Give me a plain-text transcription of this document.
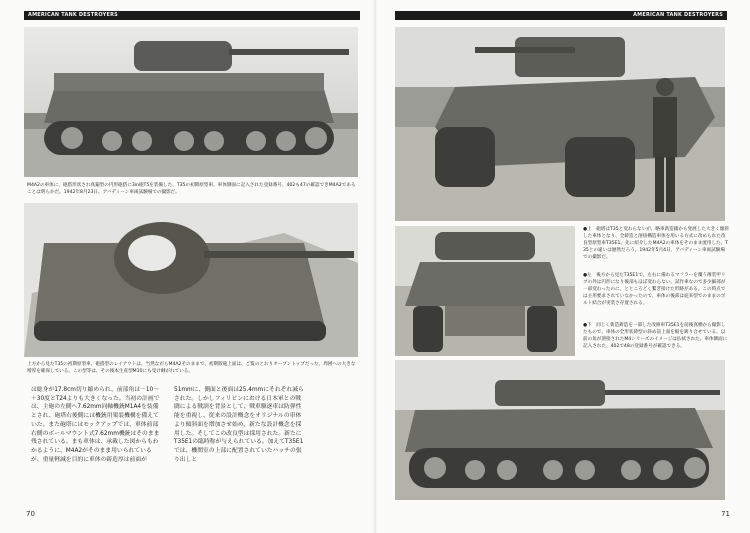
AMERICAN TANK DESTROYERS
M4A2の車体に、砲搭形状され真鍮型の円形砲搭に3in砲T5を装備した、T35の初期原型車。車体側面に記入された登録番号、402も47の確認できM4A2であることは明らかだ。1942年8月23日、アバディーン車両試験場での撮影だ。
上方から見たT35の初期原型車。砲搭型のレイアウトは、当然ながらM4A2そのままで、初期版砲上面は、ご覧のとおりオープントップだった。周囲への大きな増厚を確保している。この型等は、その後本生産型M10にも受け継がれている。
は総身が17.8cm切り縮められ、前部角は－10～＋30度とT24よりも大きくなった。当初の計画では、主砲の左側へ7.62mm同軸機銃M1A4を装備とされ、砲塔右後側には機銃用架装機構を備えていた。また砲塔にはモックアップでは、車体前部右側のボールマウント式7.62mm機銃はそのまま残されている。まも車体は、承載した図からもわかるように、M4A2がそのまま用いられているが、重量軽減を目的に車体の鋳造厚は前面が
51mmに、側面と後面は25.4mmにそれぞれ減らされた。しかしフィリピンにおける日本軍との戦闘による戦訓を背景として、戦車駆逐車は防弾性能を重視し、従来の設計概念をオリジナルの車体より傾斜面を増加させ始め、新たな設計概念を採用した。そしてこの改良型は採用された。新たにT35E1の臨時称が与えられている。加えてT35E1では、機関室の上部に配置されていたハッチの張り出しと
70
AMERICAN TANK DESTROYERS
●上　砲塔はT35と変わらないが、略車新造鎖から発展した大きく傾斜した車体となり、全鋳造と溶接構造車体を用いる方式に改められた改良型原型車T35E1。先に紹介したM4A2の車体をそのまま流用した。T35との違いは歴然だろう。1942年5月4日、アバディーン車両試験場での撮影だ。
●左　後方から見たT35E1で、左右に備わるマフラーを覆う薄装甲リブの外は円形になり後部もほぼ変わらない。試作車なので多少細部が一部変わったのに、とところどく繋ぎ接けた形跡がある。この時点では主用要求されていなかったので、車体の後部は従来型でのままのボルト結合が実装さ存置される。
●下　同じく新造鋳造を一部した改修車T35E1を前後真横から撮影したもので、車体の全形状鋳型の斜め前上面を縦を鋳り合せている。以前の角が溶接されたM4シリーズのイメージは払拭された。車体側面に記入された、402で48の登録番号が確認できる。
71
